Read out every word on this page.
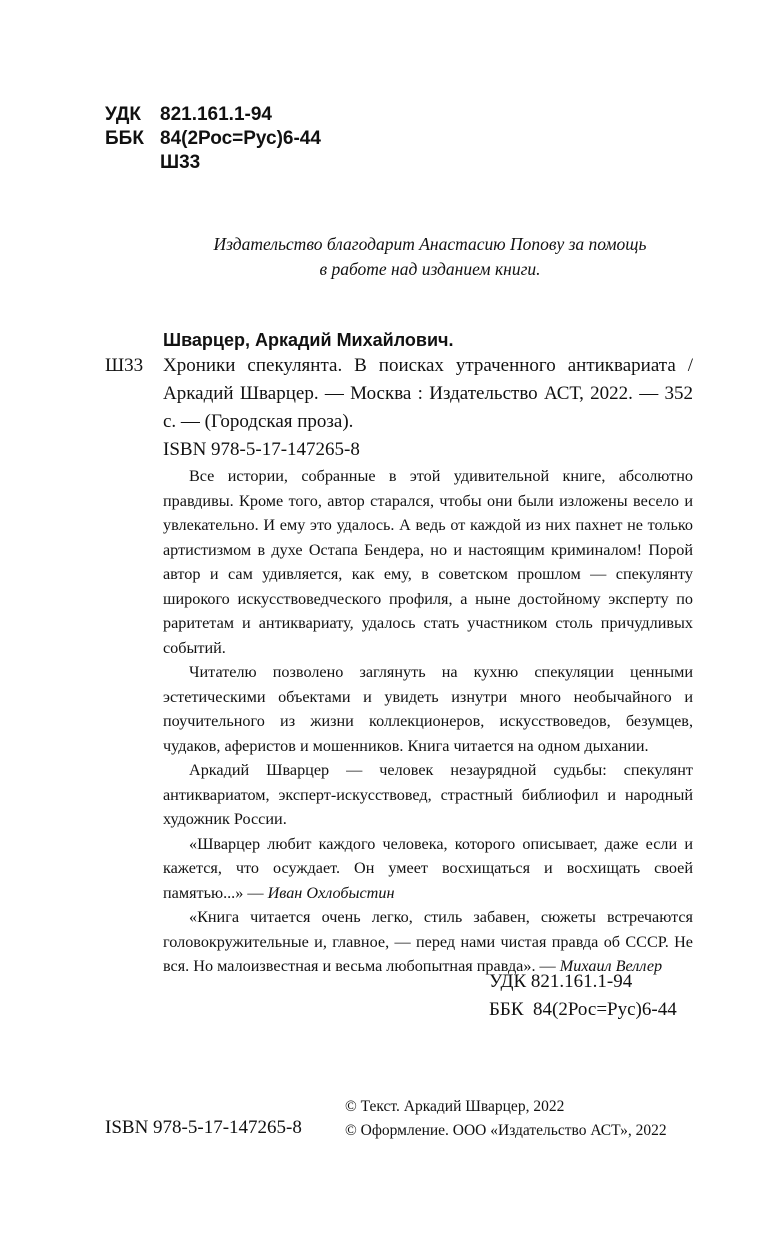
УДК 821.161.1-94
ББК 84(2Рос=Рус)6-44
Ш33
Издательство благодарит Анастасию Попову за помощь
в работе над изданием книги.
Шварцер, Аркадий Михайлович.
Ш33 Хроники спекулянта. В поисках утраченного антиквариата / Аркадий Шварцер. — Москва : Издательство АСТ, 2022. — 352 с. — (Городская проза).
ISBN 978-5-17-147265-8

Все истории, собранные в этой удивительной книге, абсолютно правдивы. Кроме того, автор старался, чтобы они были изложены весело и увлекательно. И ему это удалось. А ведь от каждой из них пахнет не только артистизмом в духе Остапа Бендера, но и настоящим криминалом! Порой автор и сам удивляется, как ему, в советском прошлом — спекулянту широкого искусствоведческого профиля, а ныне достойному эксперту по раритетам и антиквариату, удалось стать участником столь причудливых событий.

Читателю позволено заглянуть на кухню спекуляции ценными эстетическими объектами и увидеть изнутри много необычайного и поучительного из жизни коллекционеров, искусствоведов, безумцев, чудаков, аферистов и мошенников. Книга читается на одном дыхании.

Аркадий Шварцер — человек незаурядной судьбы: спекулянт антиквариатом, эксперт-искусствовед, страстный библиофил и народный художник России.

«Шварцер любит каждого человека, которого описывает, даже если и кажется, что осуждает. Он умеет восхищаться и восхищать своей памятью...» — Иван Охлобыстин

«Книга читается очень легко, стиль забавен, сюжеты встречаются головокружительные и, главное, — перед нами чистая правда об СССР. Не вся. Но малоизвестная и весьма любопытная правда». — Михаил Веллер

УДК 821.161.1-94
ББК  84(2Рос=Рус)6-44
ISBN 978-5-17-147265-8
© Текст. Аркадий Шварцер, 2022
© Оформление. ООО «Издательство АСТ», 2022
